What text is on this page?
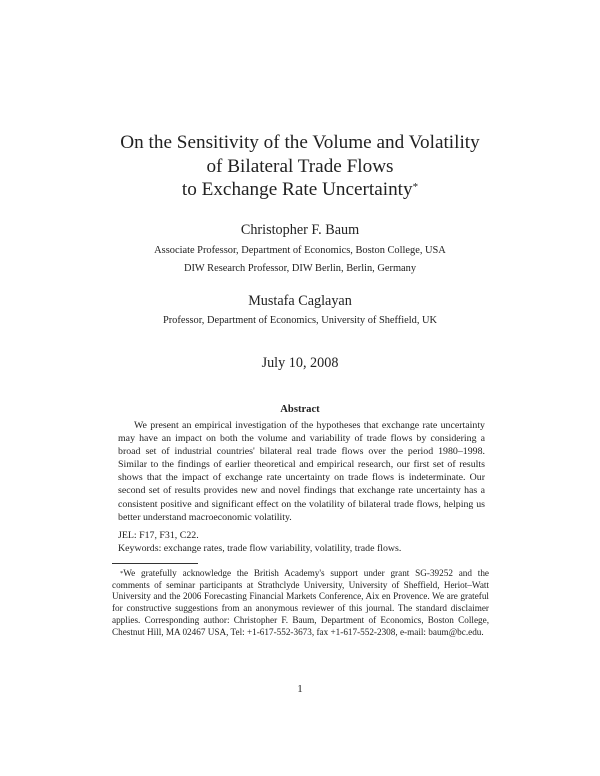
On the Sensitivity of the Volume and Volatility
of Bilateral Trade Flows
to Exchange Rate Uncertainty*
Christopher F. Baum
Associate Professor, Department of Economics, Boston College, USA
DIW Research Professor, DIW Berlin, Berlin, Germany
Mustafa Caglayan
Professor, Department of Economics, University of Sheffield, UK
July 10, 2008
Abstract

We present an empirical investigation of the hypotheses that exchange rate uncertainty may have an impact on both the volume and variability of trade flows by considering a broad set of industrial countries' bilateral real trade flows over the period 1980–1998. Similar to the findings of earlier theoretical and empirical research, our first set of results shows that the impact of exchange rate uncertainty on trade flows is indeterminate. Our second set of results provides new and novel findings that exchange rate uncertainty has a consistent positive and significant effect on the volatility of bilateral trade flows, helping us better understand macroeconomic volatility.

JEL: F17, F31, C22.
Keywords: exchange rates, trade flow variability, volatility, trade flows.

*We gratefully acknowledge the British Academy's support under grant SG-39252 and the comments of seminar participants at Strathclyde University, University of Sheffield, Heriot–Watt University and the 2006 Forecasting Financial Markets Conference, Aix en Provence. We are grateful for constructive suggestions from an anonymous reviewer of this journal. The standard disclaimer applies. Corresponding author: Christopher F. Baum, Department of Economics, Boston College, Chestnut Hill, MA 02467 USA, Tel: +1-617-552-3673, fax +1-617-552-2308, e-mail: baum@bc.edu.

1
